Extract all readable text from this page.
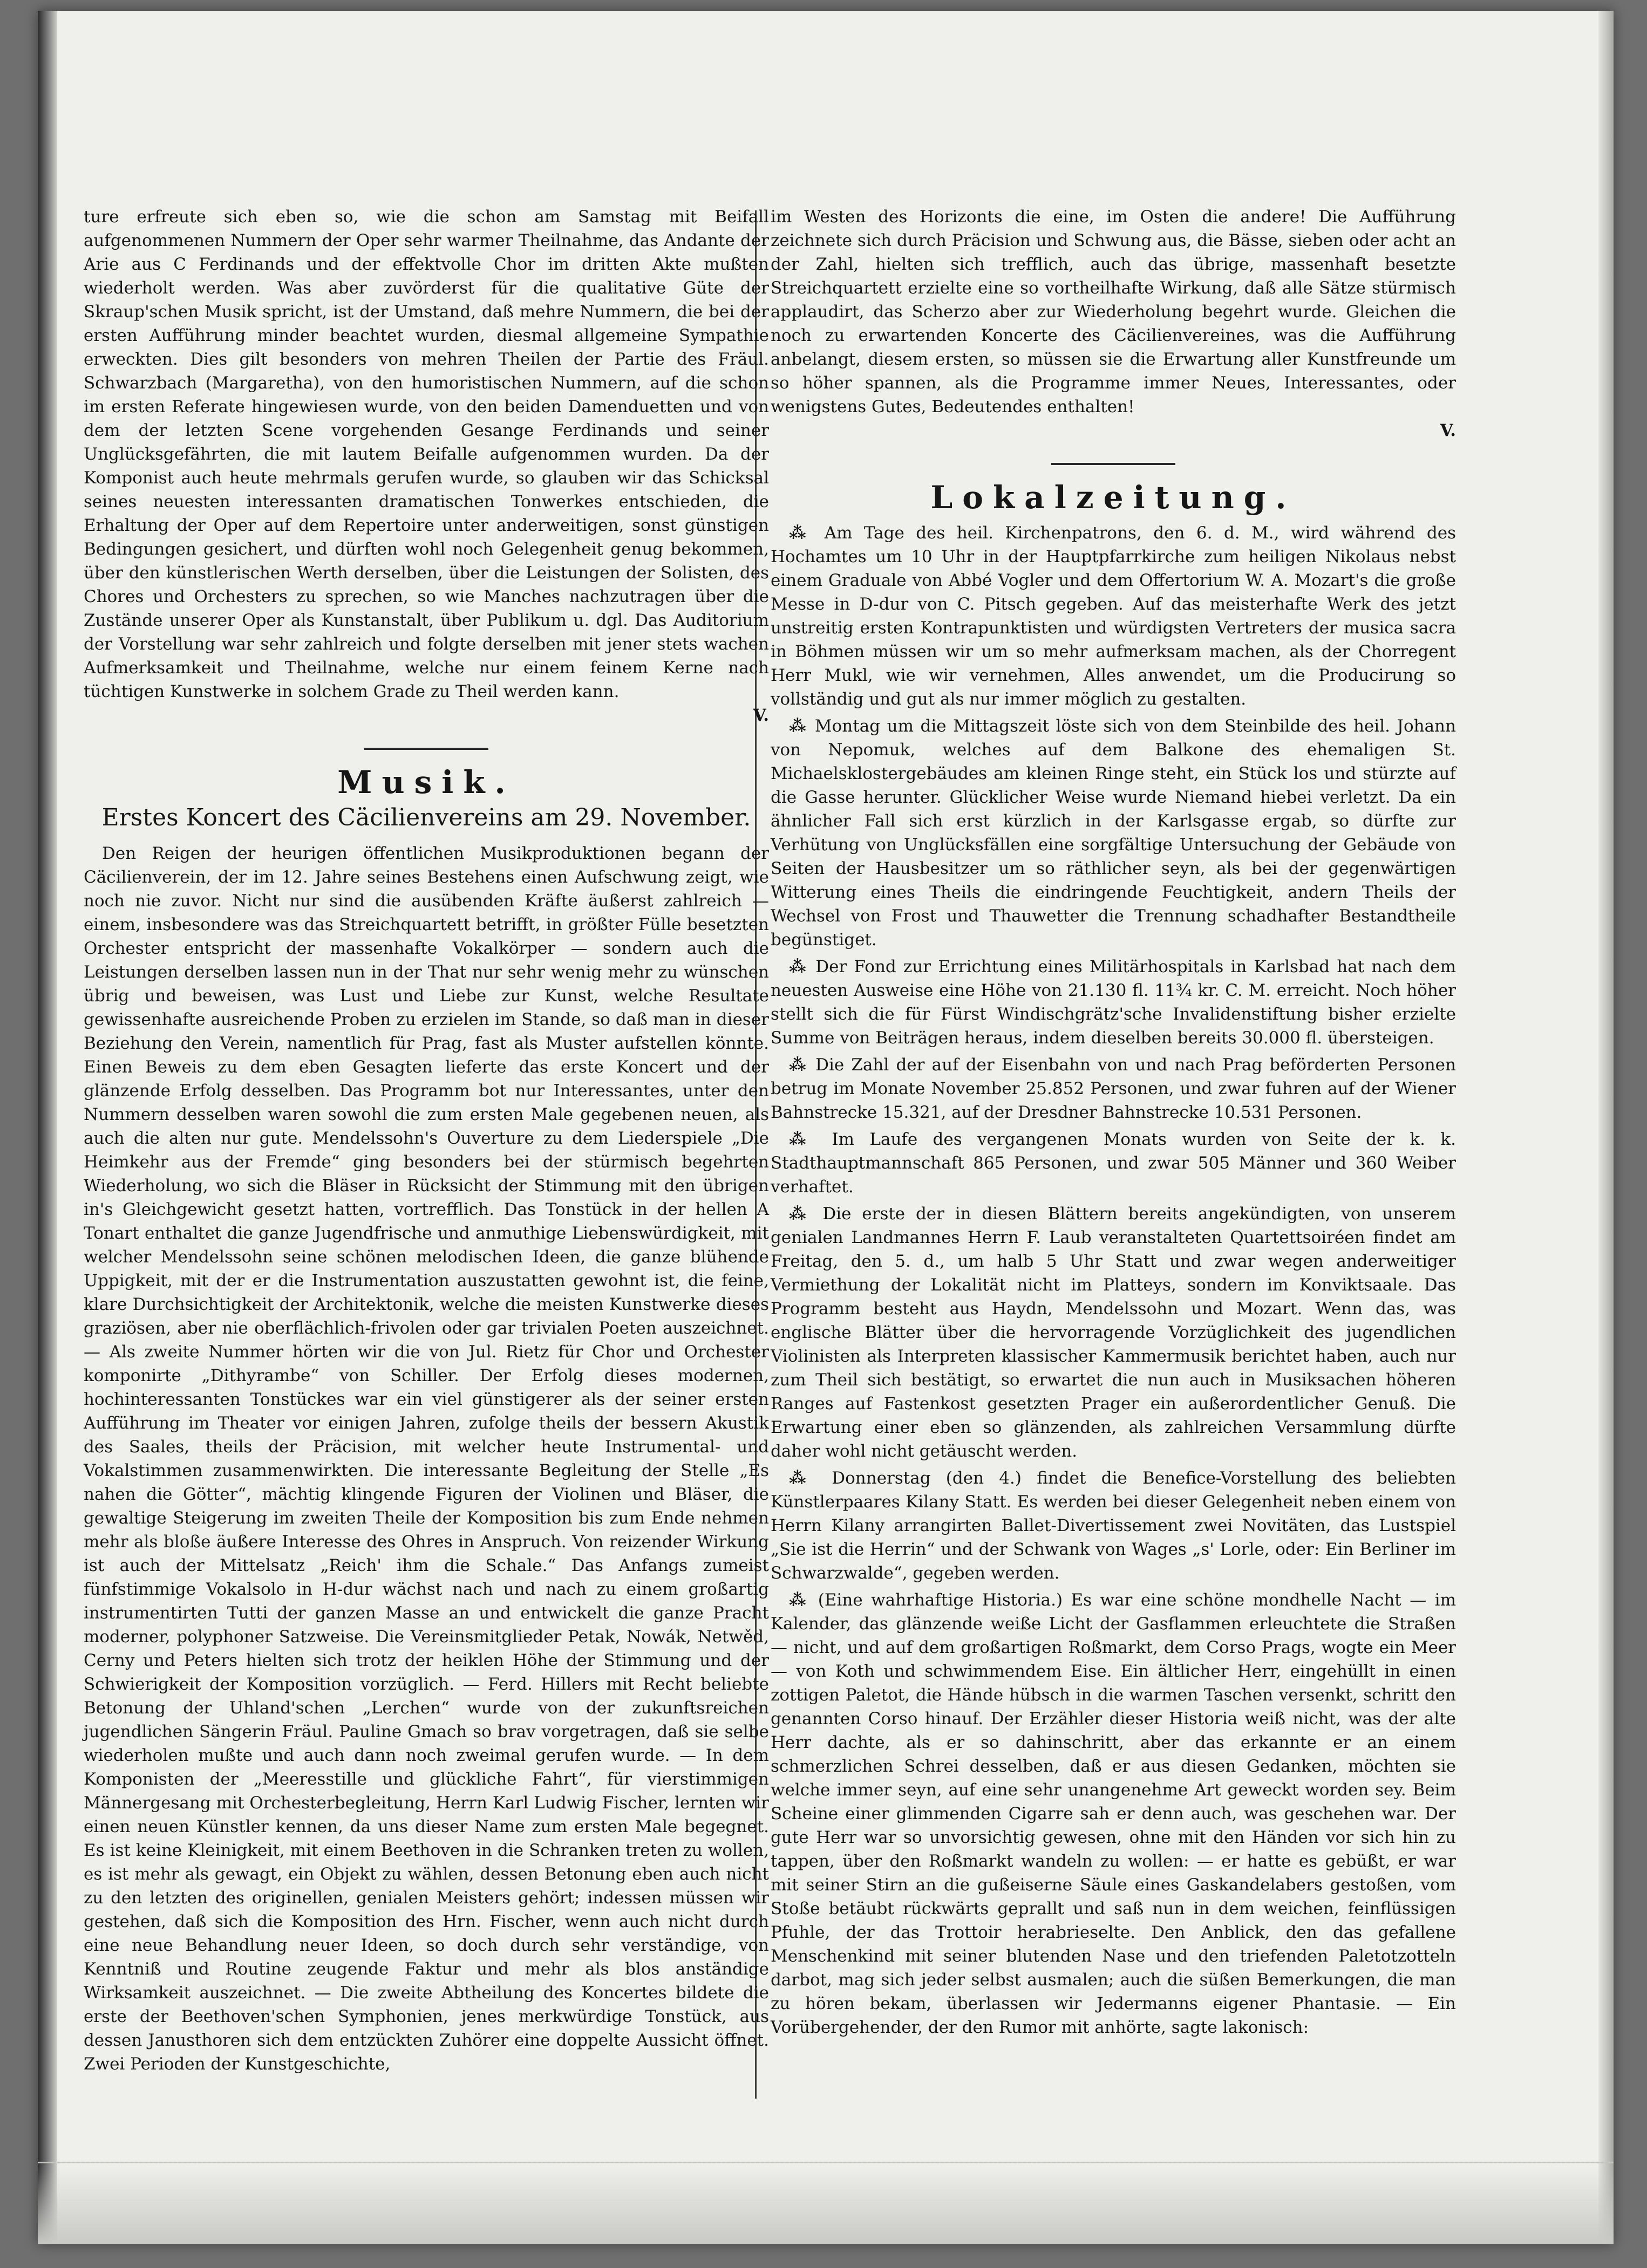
ture erfreute sich eben so, wie die schon am Samstag mit Beifall aufgenommenen Nummern der Oper sehr warmer Theilnahme, das Andante der Arie aus C Ferdinands und der effektvolle Chor im dritten Akte mußten wiederholt werden. Was aber zuvörderst für die qualitative Güte der Skraup'schen Musik spricht, ist der Umstand, daß mehre Nummern, die bei der ersten Aufführung minder beachtet wurden, diesmal allgemeine Sympathie erweckten. Dies gilt besonders von mehren Theilen der Partie des Fräul. Schwarzbach (Margaretha), von den humoristischen Nummern, auf die schon im ersten Referate hingewiesen wurde, von den beiden Damenduetten und von dem der letzten Scene vorgehenden Gesange Ferdinands und seiner Unglücksgefährten, die mit lautem Beifalle aufgenommen wurden. Da der Komponist auch heute mehrmals gerufen wurde, so glauben wir das Schicksal seines neuesten interessanten dramatischen Tonwerkes entschieden, die Erhaltung der Oper auf dem Repertoire unter anderweitigen, sonst günstigen Bedingungen gesichert, und dürften wohl noch Gelegenheit genug bekommen, über den künstlerischen Werth derselben, über die Leistungen der Solisten, des Chores und Orchesters zu sprechen, so wie Manches nachzutragen über die Zustände unserer Oper als Kunstanstalt, über Publikum u. dgl. Das Auditorium der Vorstellung war sehr zahlreich und folgte derselben mit jener stets wachen Aufmerksamkeit und Theilnahme, welche nur einem feinem Kerne nach tüchtigen Kunstwerke in solchem Grade zu Theil werden kann.

V.
Musik.
Erstes Koncert des Cäcilienvereins am 29. November.

Den Reigen der heurigen öffentlichen Musikproduktionen begann der Cäcilienverein, der im 12. Jahre seines Bestehens einen Aufschwung zeigt, wie noch nie zuvor. Nicht nur sind die ausübenden Kräfte äußerst zahlreich — einem, insbesondere was das Streichquartett betrifft, in größter Fülle besetzten Orchester entspricht der massenhafte Vokalkörper — sondern auch die Leistungen derselben lassen nun in der That nur sehr wenig mehr zu wünschen übrig und beweisen, was Lust und Liebe zur Kunst, welche Resultate gewissenhafte ausreichende Proben zu erzielen im Stande, so daß man in dieser Beziehung den Verein, namentlich für Prag, fast als Muster aufstellen könnte. Einen Beweis zu dem eben Gesagten lieferte das erste Koncert und der glänzende Erfolg desselben. Das Programm bot nur Interessantes, unter den Nummern desselben waren sowohl die zum ersten Male gegebenen neuen, als auch die alten nur gute. Mendelssohn's Ouverture zu dem Liederspiele „Die Heimkehr aus der Fremde“ ging besonders bei der stürmisch begehrten Wiederholung, wo sich die Bläser in Rücksicht der Stimmung mit den übrigen in's Gleichgewicht gesetzt hatten, vortrefflich. Das Tonstück in der hellen A Tonart enthaltet die ganze Jugendfrische und anmuthige Liebenswürdigkeit, mit welcher Mendelssohn seine schönen melodischen Ideen, die ganze blühende Uppigkeit, mit der er die Instrumentation auszustatten gewohnt ist, die feine, klare Durchsichtigkeit der Architektonik, welche die meisten Kunstwerke dieses graziösen, aber nie oberflächlich-frivolen oder gar trivialen Poeten auszeichnet. — Als zweite Nummer hörten wir die von Jul. Rietz für Chor und Orchester komponirte „Dithyrambe“ von Schiller. Der Erfolg dieses modernen, hochinteressanten Tonstückes war ein viel günstigerer als der seiner ersten Aufführung im Theater vor einigen Jahren, zufolge theils der bessern Akustik des Saales, theils der Präcision, mit welcher heute Instrumental- und Vokalstimmen zusammenwirkten. Die interessante Begleitung der Stelle „Es nahen die Götter“, mächtig klingende Figuren der Violinen und Bläser, die gewaltige Steigerung im zweiten Theile der Komposition bis zum Ende nehmen mehr als bloße äußere Interesse des Ohres in Anspruch. Von reizender Wirkung ist auch der Mittelsatz „Reich' ihm die Schale.“ Das Anfangs zumeist fünfstimmige Vokalsolo in H-dur wächst nach und nach zu einem großartig instrumentirten Tutti der ganzen Masse an und entwickelt die ganze Pracht moderner, polyphoner Satzweise. Die Vereinsmitglieder Petak, Nowák, Netwěd, Cerny und Peters hielten sich trotz der heiklen Höhe der Stimmung und der Schwierigkeit der Komposition vorzüglich. — Ferd. Hillers mit Recht beliebte Betonung der Uhland'schen „Lerchen“ wurde von der zukunftsreichen jugendlichen Sängerin Fräul. Pauline Gmach so brav vorgetragen, daß sie selbe wiederholen mußte und auch dann noch zweimal gerufen wurde. — In dem Komponisten der „Meeresstille und glückliche Fahrt“, für vierstimmigen Männergesang mit Orchesterbegleitung, Herrn Karl Ludwig Fischer, lernten wir einen neuen Künstler kennen, da uns dieser Name zum ersten Male begegnet. Es ist keine Kleinigkeit, mit einem Beethoven in die Schranken treten zu wollen, es ist mehr als gewagt, ein Objekt zu wählen, dessen Betonung eben auch nicht zu den letzten des originellen, genialen Meisters gehört; indessen müssen wir gestehen, daß sich die Komposition des Hrn. Fischer, wenn auch nicht durch eine neue Behandlung neuer Ideen, so doch durch sehr verständige, von Kenntniß und Routine zeugende Faktur und mehr als blos anständige Wirksamkeit auszeichnet. — Die zweite Abtheilung des Koncertes bildete die erste der Beethoven'schen Symphonien, jenes merkwürdige Tonstück, aus dessen Janusthoren sich dem entzückten Zuhörer eine doppelte Aussicht öffnet. Zwei Perioden der Kunstgeschichte,

im Westen des Horizonts die eine, im Osten die andere! Die Aufführung zeichnete sich durch Präcision und Schwung aus, die Bässe, sieben oder acht an der Zahl, hielten sich trefflich, auch das übrige, massenhaft besetzte Streichquartett erzielte eine so vortheilhafte Wirkung, daß alle Sätze stürmisch applaudirt, das Scherzo aber zur Wiederholung begehrt wurde. Gleichen die noch zu erwartenden Koncerte des Cäcilienvereines, was die Aufführung anbelangt, diesem ersten, so müssen sie die Erwartung aller Kunstfreunde um so höher spannen, als die Programme immer Neues, Interessantes, oder wenigstens Gutes, Bedeutendes enthalten!

V.
Lokalzeitung.

⁂ Am Tage des heil. Kirchenpatrons, den 6. d. M., wird während des Hochamtes um 10 Uhr in der Hauptpfarrkirche zum heiligen Nikolaus nebst einem Graduale von Abbé Vogler und dem Offertorium W. A. Mozart's die große Messe in D-dur von C. Pitsch gegeben. Auf das meisterhafte Werk des jetzt unstreitig ersten Kontrapunktisten und würdigsten Vertreters der musica sacra in Böhmen müssen wir um so mehr aufmerksam machen, als der Chorregent Herr Mukl, wie wir vernehmen, Alles anwendet, um die Producirung so vollständig und gut als nur immer möglich zu gestalten.

⁂ Montag um die Mittagszeit löste sich von dem Steinbilde des heil. Johann von Nepomuk, welches auf dem Balkone des ehemaligen St. Michaelsklostergebäudes am kleinen Ringe steht, ein Stück los und stürzte auf die Gasse herunter. Glücklicher Weise wurde Niemand hiebei verletzt. Da ein ähnlicher Fall sich erst kürzlich in der Karlsgasse ergab, so dürfte zur Verhütung von Unglücksfällen eine sorgfältige Untersuchung der Gebäude von Seiten der Hausbesitzer um so räthlicher seyn, als bei der gegenwärtigen Witterung eines Theils die eindringende Feuchtigkeit, andern Theils der Wechsel von Frost und Thauwetter die Trennung schadhafter Bestandtheile begünstiget.

⁂ Der Fond zur Errichtung eines Militärhospitals in Karlsbad hat nach dem neuesten Ausweise eine Höhe von 21.130 fl. 11¾ kr. C. M. erreicht. Noch höher stellt sich die für Fürst Windischgrätz'sche Invalidenstiftung bisher erzielte Summe von Beiträgen heraus, indem dieselben bereits 30.000 fl. übersteigen.

⁂ Die Zahl der auf der Eisenbahn von und nach Prag beförderten Personen betrug im Monate November 25.852 Personen, und zwar fuhren auf der Wiener Bahnstrecke 15.321, auf der Dresdner Bahnstrecke 10.531 Personen.

⁂ Im Laufe des vergangenen Monats wurden von Seite der k. k. Stadthauptmannschaft 865 Personen, und zwar 505 Männer und 360 Weiber verhaftet.

⁂ Die erste der in diesen Blättern bereits angekündigten, von unserem genialen Landmannes Herrn F. Laub veranstalteten Quartettsoiréen findet am Freitag, den 5. d., um halb 5 Uhr Statt und zwar wegen anderweitiger Vermiethung der Lokalität nicht im Platteys, sondern im Konviktsaale. Das Programm besteht aus Haydn, Mendelssohn und Mozart. Wenn das, was englische Blätter über die hervorragende Vorzüglichkeit des jugendlichen Violinisten als Interpreten klassischer Kammermusik berichtet haben, auch nur zum Theil sich bestätigt, so erwartet die nun auch in Musiksachen höheren Ranges auf Fastenkost gesetzten Prager ein außerordentlicher Genuß. Die Erwartung einer eben so glänzenden, als zahlreichen Versammlung dürfte daher wohl nicht getäuscht werden.

⁂ Donnerstag (den 4.) findet die Benefice-Vorstellung des beliebten Künstlerpaares Kilany Statt. Es werden bei dieser Gelegenheit neben einem von Herrn Kilany arrangirten Ballet-Divertissement zwei Novitäten, das Lustspiel „Sie ist die Herrin“ und der Schwank von Wages „s' Lorle, oder: Ein Berliner im Schwarzwalde“, gegeben werden.

⁂ (Eine wahrhaftige Historia.) Es war eine schöne mondhelle Nacht — im Kalender, das glänzende weiße Licht der Gasflammen erleuchtete die Straßen — nicht, und auf dem großartigen Roßmarkt, dem Corso Prags, wogte ein Meer — von Koth und schwimmendem Eise. Ein ältlicher Herr, eingehüllt in einen zottigen Paletot, die Hände hübsch in die warmen Taschen versenkt, schritt den genannten Corso hinauf. Der Erzähler dieser Historia weiß nicht, was der alte Herr dachte, als er so dahinschritt, aber das erkannte er an einem schmerzlichen Schrei desselben, daß er aus diesen Gedanken, möchten sie welche immer seyn, auf eine sehr unangenehme Art geweckt worden sey. Beim Scheine einer glimmenden Cigarre sah er denn auch, was geschehen war. Der gute Herr war so unvorsichtig gewesen, ohne mit den Händen vor sich hin zu tappen, über den Roßmarkt wandeln zu wollen: — er hatte es gebüßt, er war mit seiner Stirn an die gußeiserne Säule eines Gaskandelabers gestoßen, vom Stoße betäubt rückwärts geprallt und saß nun in dem weichen, feinflüssigen Pfuhle, der das Trottoir herabrieselte. Den Anblick, den das gefallene Menschenkind mit seiner blutenden Nase und den triefenden Paletotzotteln darbot, mag sich jeder selbst ausmalen; auch die süßen Bemerkungen, die man zu hören bekam, überlassen wir Jedermanns eigener Phantasie. — Ein Vorübergehender, der den Rumor mit anhörte, sagte lakonisch:
